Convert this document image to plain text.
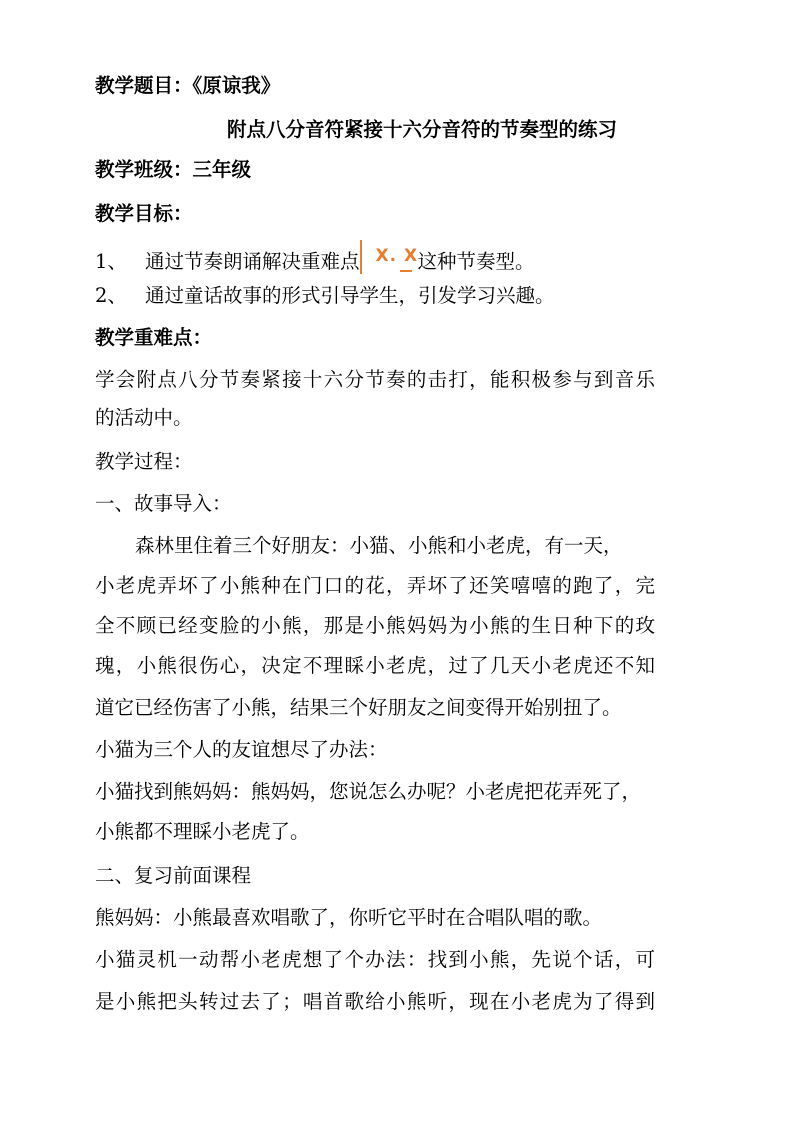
教学题目：《原谅我》
附点八分音符紧接十六分音符的节奏型的练习
教学班级：三年级
教学目标：
1、 通过节奏朗诵解决重难点 X. X 这种节奏型。
2、 通过童话故事的形式引导学生，引发学习兴趣。
教学重难点：
学会附点八分节奏紧接十六分节奏的击打，能积极参与到音乐
的活动中。
教学过程：
一、故事导入：
森林里住着三个好朋友：小猫、小熊和小老虎，有一天，
小老虎弄坏了小熊种在门口的花，弄坏了还笑嘻嘻的跑了，完
全不顾已经变脸的小熊，那是小熊妈妈为小熊的生日种下的玫
瑰，小熊很伤心，决定不理睬小老虎，过了几天小老虎还不知
道它已经伤害了小熊，结果三个好朋友之间变得开始别扭了。
小猫为三个人的友谊想尽了办法：
小猫找到熊妈妈：熊妈妈，您说怎么办呢？小老虎把花弄死了，
小熊都不理睬小老虎了。
二、复习前面课程
熊妈妈：小熊最喜欢唱歌了，你听它平时在合唱队唱的歌。
小猫灵机一动帮小老虎想了个办法：找到小熊，先说个话，可
是小熊把头转过去了；唱首歌给小熊听，现在小老虎为了得到
